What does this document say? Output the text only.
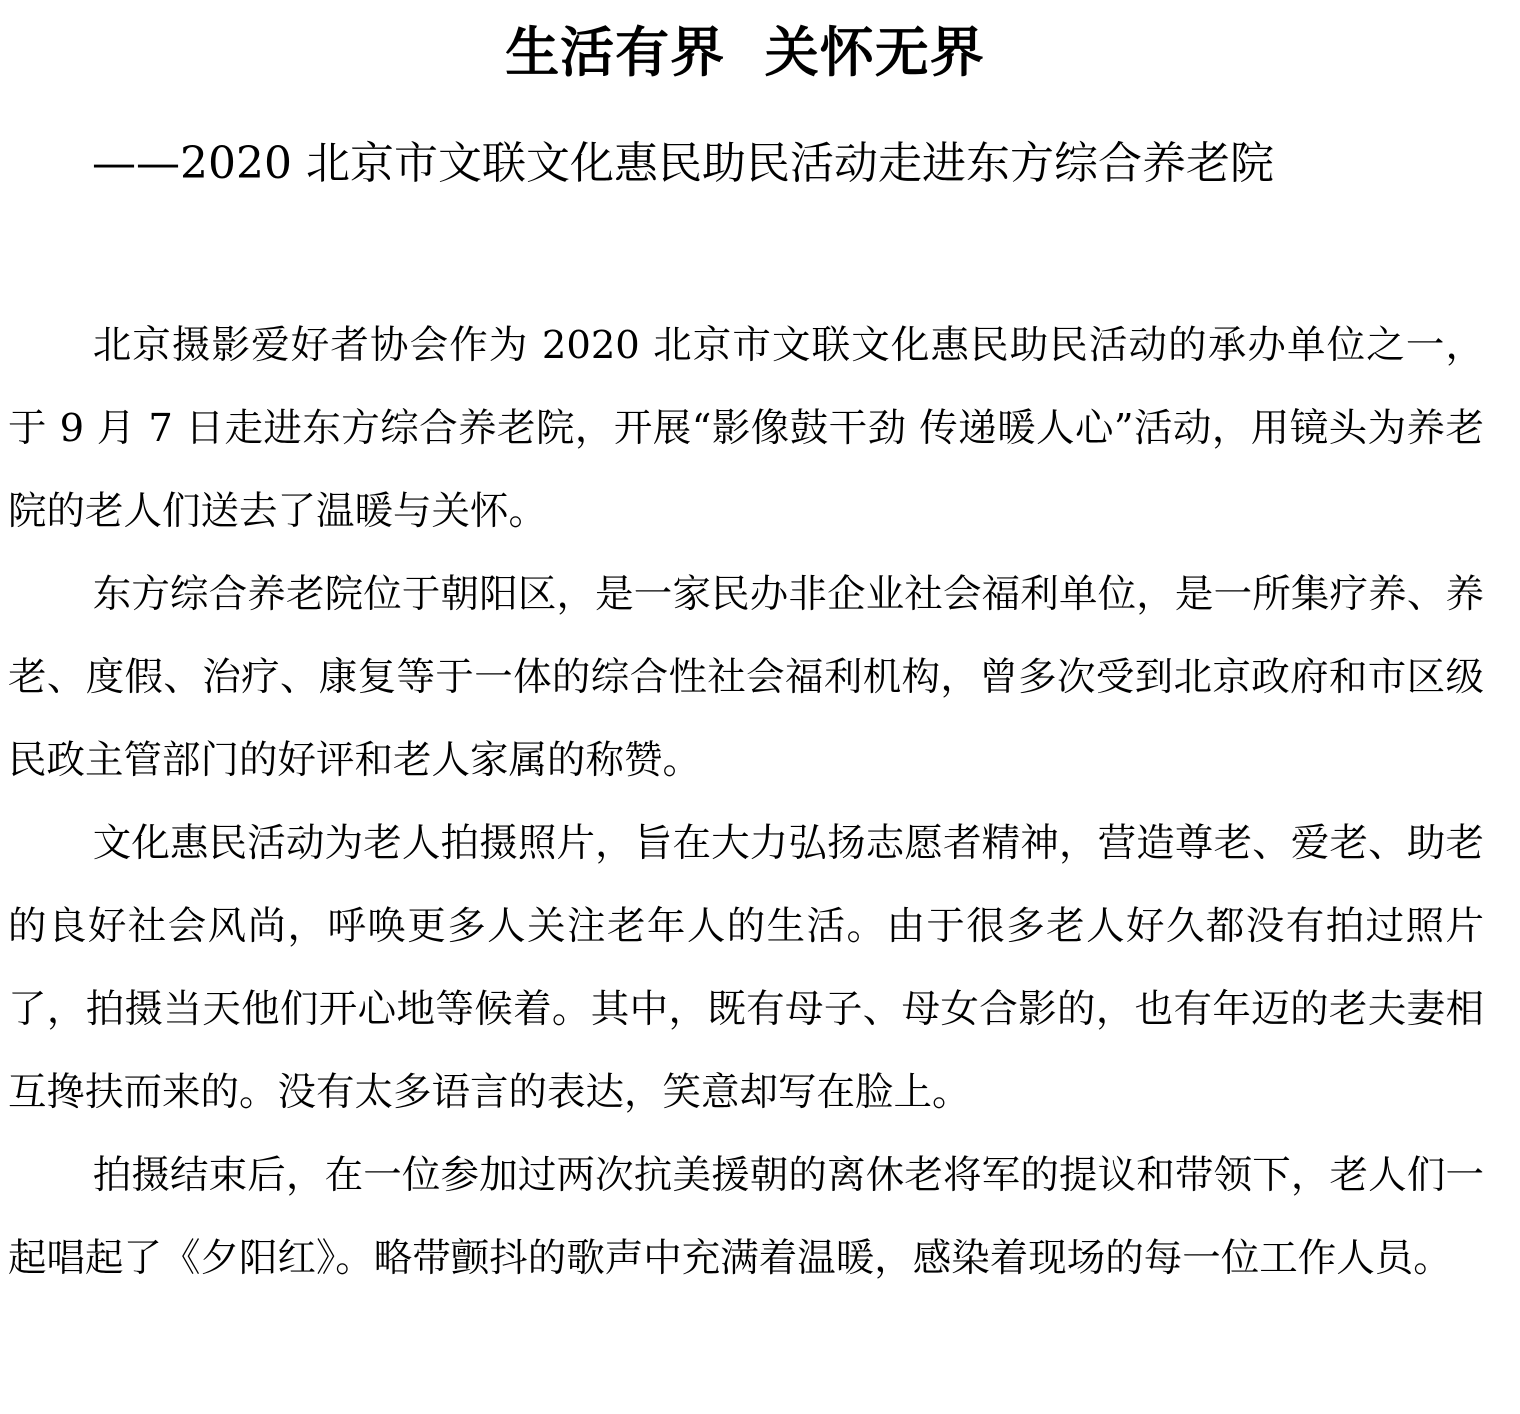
生活有界  关怀无界
——2020 北京市文联文化惠民助民活动走进东方综合养老院

北京摄影爱好者协会作为 2020 北京市文联文化惠民助民活动的承办单位之一，于 9 月 7 日走进东方综合养老院，开展“影像鼓干劲 传递暖人心”活动，用镜头为养老院的老人们送去了温暖与关怀。

东方综合养老院位于朝阳区，是一家民办非企业社会福利单位，是一所集疗养、养老、度假、治疗、康复等于一体的综合性社会福利机构，曾多次受到北京政府和市区级民政主管部门的好评和老人家属的称赞。

文化惠民活动为老人拍摄照片，旨在大力弘扬志愿者精神，营造尊老、爱老、助老的良好社会风尚，呼唤更多人关注老年人的生活。由于很多老人好久都没有拍过照片了，拍摄当天他们开心地等候着。其中，既有母子、母女合影的，也有年迈的老夫妻相互搀扶而来的。没有太多语言的表达，笑意却写在脸上。

拍摄结束后，在一位参加过两次抗美援朝的离休老将军的提议和带领下，老人们一起唱起了《夕阳红》。略带颤抖的歌声中充满着温暖，感染着现场的每一位工作人员。
